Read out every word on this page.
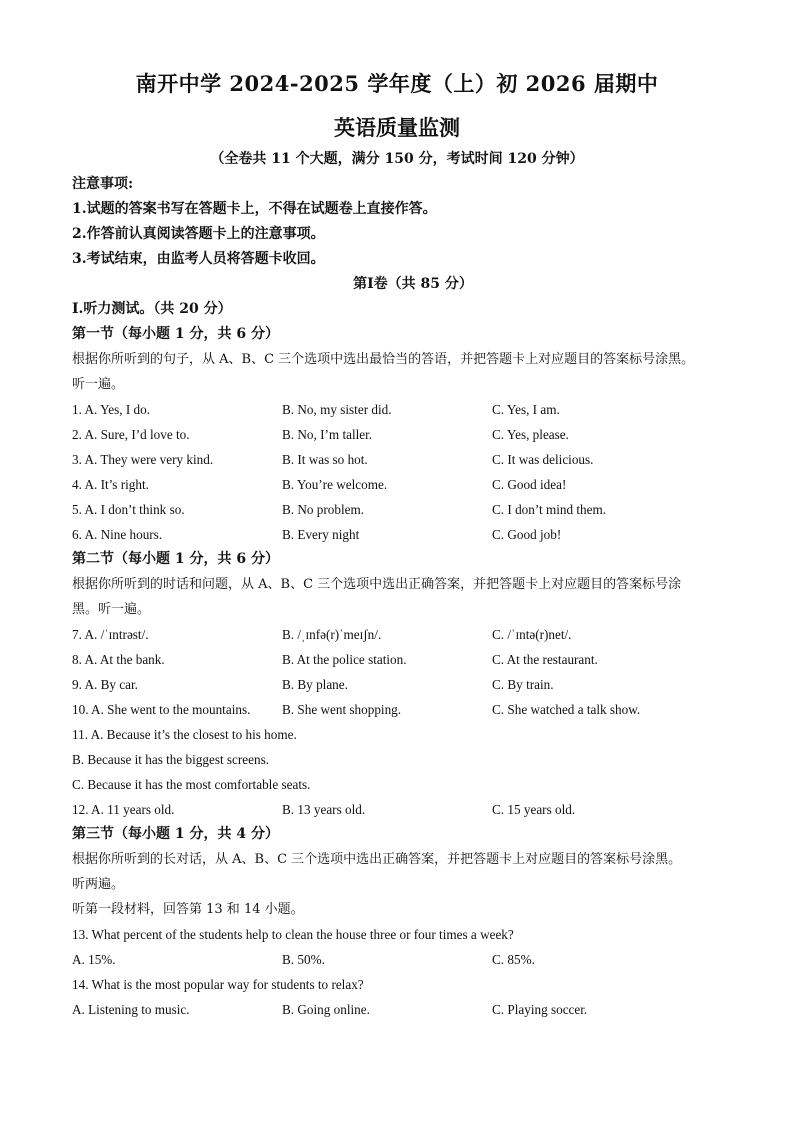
南开中学 2024-2025 学年度（上）初 2026 届期中
英语质量监测
（全卷共 11 个大题，满分 150 分，考试时间 120 分钟）
注意事项:
1.试题的答案书写在答题卡上，不得在试题卷上直接作答。
2.作答前认真阅读答题卡上的注意事项。
3.考试结束，由监考人员将答题卡收回。
第Ⅰ卷（共 85 分）
Ⅰ.听力测试。（共 20 分）
第一节（每小题 1 分，共 6 分）
根据你所听到的句子，从 A、B、C 三个选项中选出最恰当的答语，并把答题卡上对应题目的答案标号涂黑。
听一遍。
1. A. Yes, I do.	B. No, my sister did.	C. Yes, I am.
2. A. Sure, I’d love to.	B. No, I’m taller.	C. Yes, please.
3. A. They were very kind.	B. It was so hot.	C. It was delicious.
4. A. It’s right.	B. You’re welcome.	C. Good idea!
5. A. I don’t think so.	B. No problem.	C. I don’t mind them.
6. A. Nine hours.	B. Every night	C. Good job!
第二节（每小题 1 分，共 6 分）
根据你所听到的时话和问题，从 A、B、C 三个选项中选出正确答案，并把答题卡上对应题目的答案标号涂
黑。听一遍。
7. A. /ˈɪntrəst/.	B. /ˌɪnfə(r)ˈmeɪʃn/.	C. /ˈɪntə(r)net/.
8. A. At the bank.	B. At the police station.	C. At the restaurant.
9. A. By car.	B. By plane.	C. By train.
10. A. She went to the mountains.	B. She went shopping.	C. She watched a talk show.
11. A. Because it’s the closest to his home.
B. Because it has the biggest screens.
C. Because it has the most comfortable seats.
12. A. 11 years old.	B. 13 years old.	C. 15 years old.
第三节（每小题 1 分，共 4 分）
根据你所听到的长对话，从 A、B、C 三个选项中选出正确答案，并把答题卡上对应题目的答案标号涂黑。
听两遍。
听第一段材料，回答第 13 和 14 小题。
13. What percent of the students help to clean the house three or four times a week?
A. 15%.	B. 50%.	C. 85%.
14. What is the most popular way for students to relax?
A. Listening to music.	B. Going online.	C. Playing soccer.
